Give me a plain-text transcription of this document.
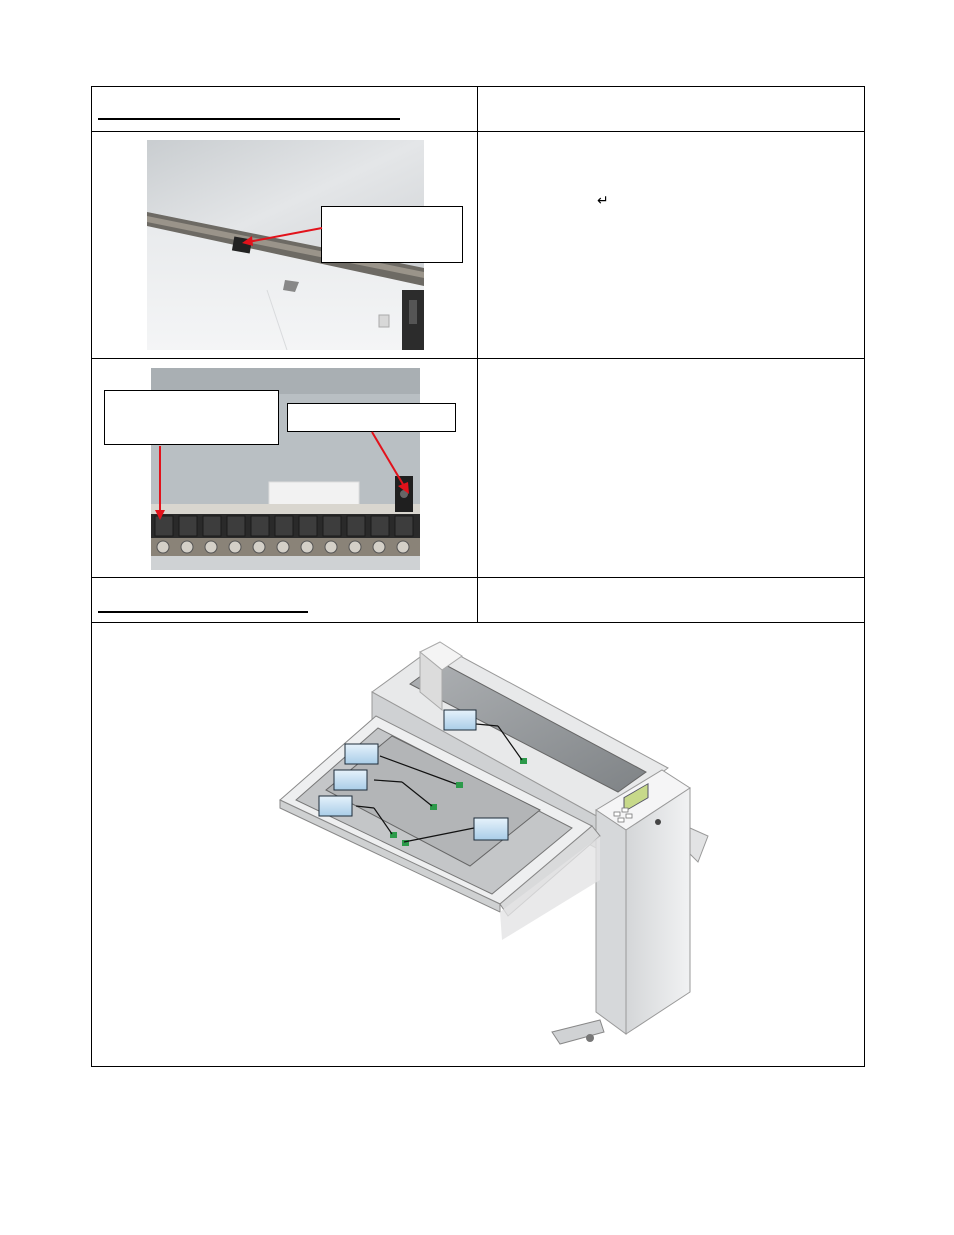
↵
